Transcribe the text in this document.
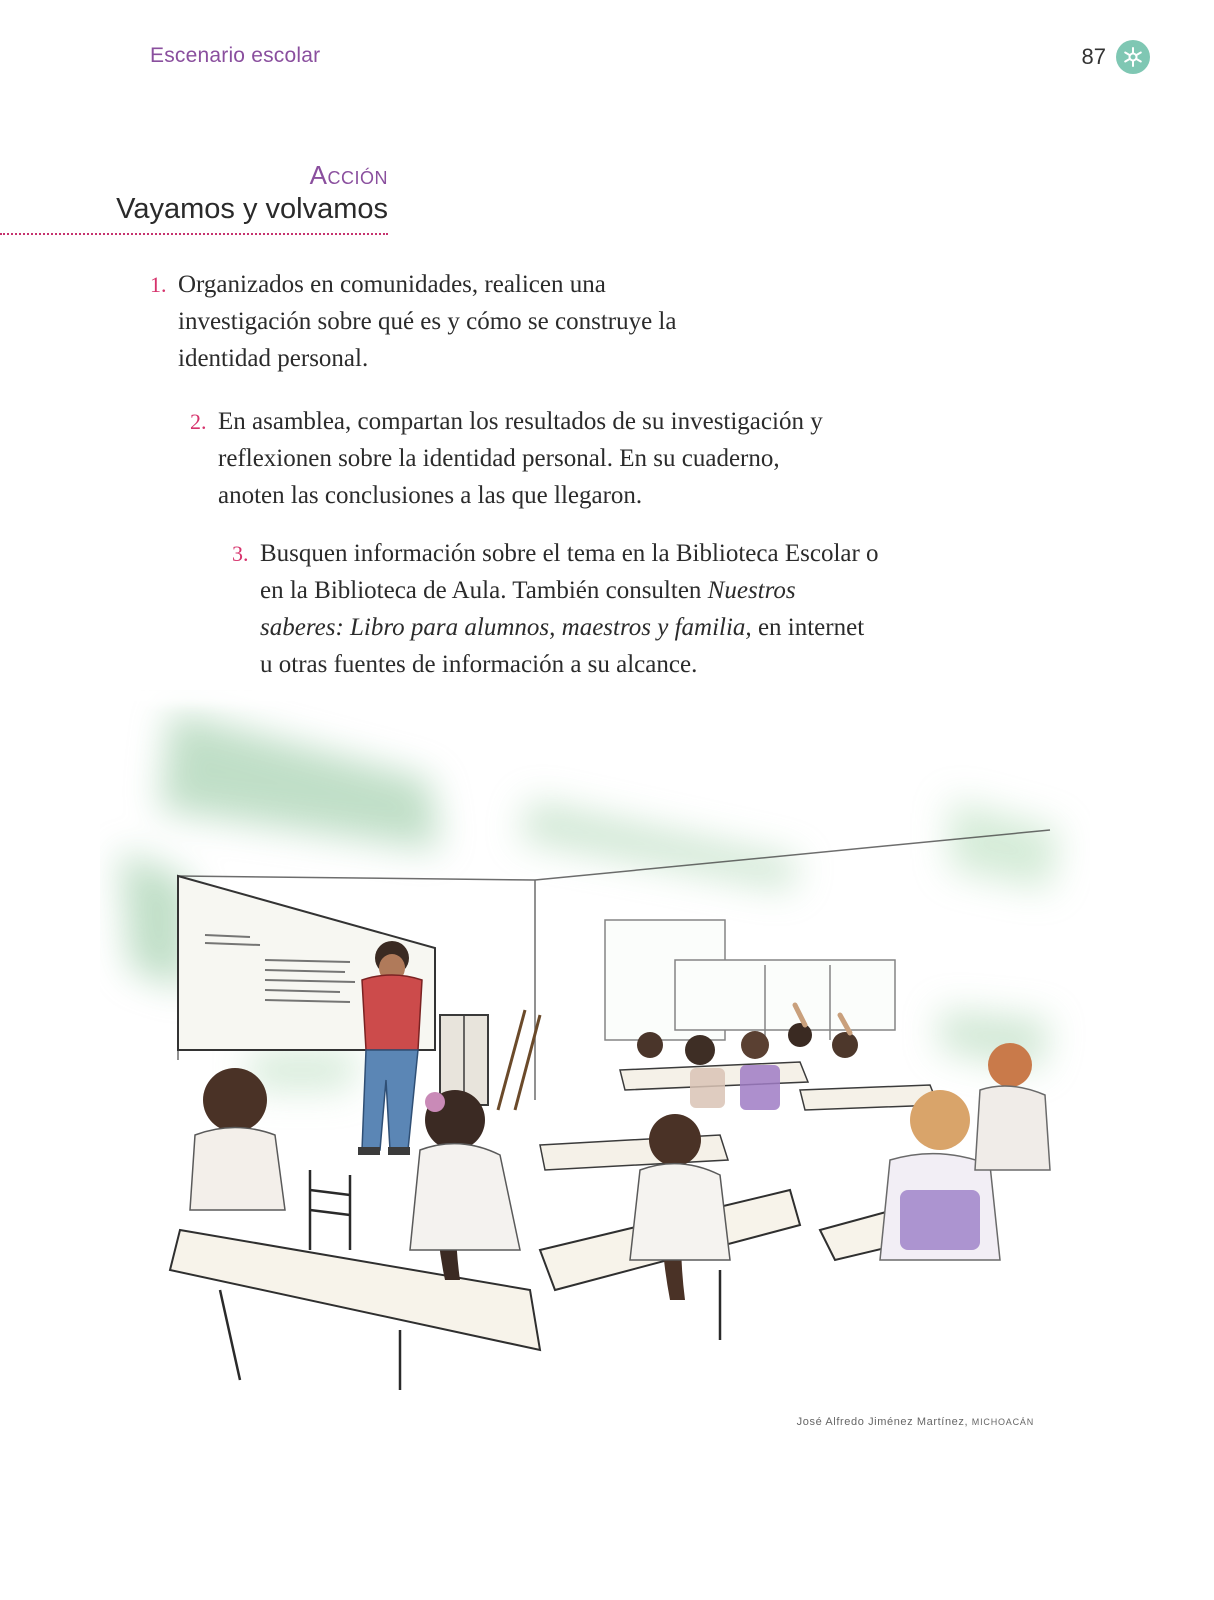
Escenario escolar	87
Acción
Vayamos y volvamos
1. Organizados en comunidades, realicen una investigación sobre qué es y cómo se construye la identidad personal.
2. En asamblea, compartan los resultados de su investigación y reflexionen sobre la identidad personal. En su cuaderno, anoten las conclusiones a las que llegaron.
3. Busquen información sobre el tema en la Biblioteca Escolar o en la Biblioteca de Aula. También consulten Nuestros saberes: Libro para alumnos, maestros y familia, en internet u otras fuentes de información a su alcance.
José Alfredo Jiménez Martínez, MICHOACÁN
